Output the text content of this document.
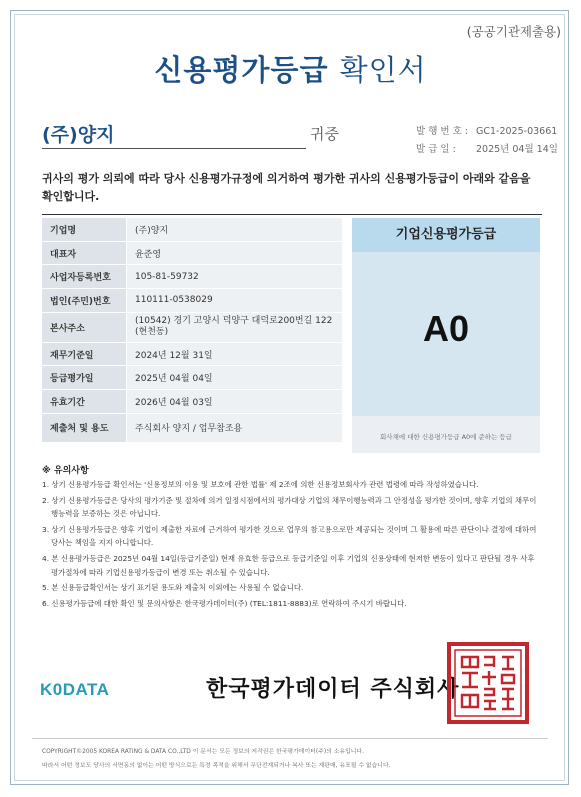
(공공기관제출용)
신용평가등급 확인서
(주)양지	귀중	발 행 번 호 : GC1-2025-03661
발 급 일 : 2025년 04월 14일
귀사의 평가 의뢰에 따라 당사 신용평가규정에 의거하여 평가한 귀사의 신용평가등급이 아래와 같음을 확인합니다.
기업명	(주)양지
대표자	윤준영
사업자등록번호	105-81-59732
법인(주민)번호	110111-0538029
본사주소	(10542) 경기 고양시 덕양구 대덕로200번길 122 (현천동)

재무기준일	2024년 12월 31일
등급평가일	2025년 04월 04일
유효기간	2026년 04월 03일
제출처 및 용도	주식회사 양지 / 업무참조용
기업신용평가등급
A0
회사채에 대한 신용평가등급 A0에 준하는 등급
※ 유의사항
1. 상기 신용평가등급 확인서는 '신용정보의 이용 및 보호에 관한 법률' 제 2조에 의한 신용정보회사가 관련 법령에 따라 작성하였습니다.
2. 상기 신용평가등급은 당사의 평가기준 및 절차에 의거 일정시점에서의 평가대상 기업의 채무이행능력과 그 안정성을 평가한 것이며, 향후 기업의 채무이행능력을 보증하는 것은 아닙니다.
3. 상기 신용평가등급은 향후 기업이 제출한 자료에 근거하여 평가한 것으로 업무의 참고용으로만 제공되는 것이며 그 활용에 따른 판단이나 결정에 대하여 당사는 책임을 지지 아니합니다.
4. 본 신용평가등급은 2025년 04월 14일(등급기준일) 현재 유효한 등급으로 등급기준일 이후 기업의 신용상태에 현저한 변동이 있다고 판단될 경우 사후평가절차에 따라 기업신용평가등급이 변경 또는 취소될 수 있습니다.
5. 본 신용등급확인서는 상기 표기된 용도와 제출처 이외에는 사용될 수 없습니다.
6. 신용평가등급에 대한 확인 및 문의사항은 한국평가데이터(주) (TEL:1811-8883)로 연락하여 주시기 바랍니다.
K0DATA	한국평가데이터 주식회사
COPYRIGHT©2005 KOREA RATING & DATA CO.,LTD 이 문서는 모든 정보의 저작권은 한국평가데이터(주)의 소유입니다.
따라서 어떤 정보도 당사의 서면동의 없이는 어떤 방식으로든 특정 목적을 위해서 무단전재되거나 복사 또는 재판매, 유포될 수 없습니다.
